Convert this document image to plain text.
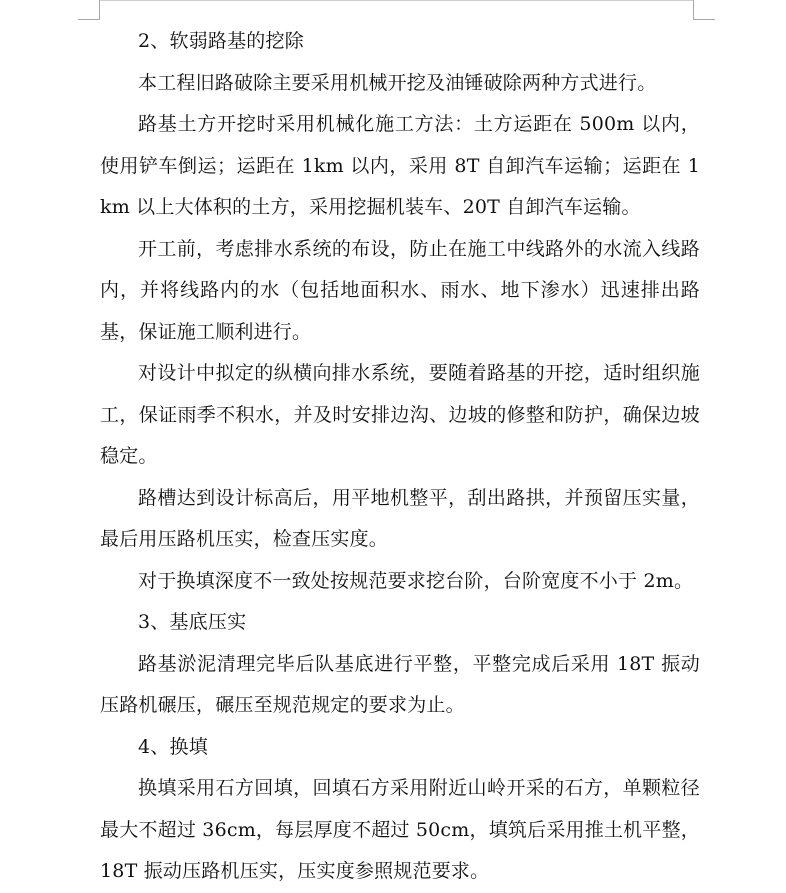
2、软弱路基的挖除

本工程旧路破除主要采用机械开挖及油锤破除两种方式进行。

路基土方开挖时采用机械化施工方法：土方运距在 500m 以内，使用铲车倒运；运距在 1km 以内，采用 8T 自卸汽车运输；运距在 1km 以上大体积的土方，采用挖掘机装车、20T 自卸汽车运输。

开工前，考虑排水系统的布设，防止在施工中线路外的水流入线路内，并将线路内的水（包括地面积水、雨水、地下渗水）迅速排出路基，保证施工顺利进行。

对设计中拟定的纵横向排水系统，要随着路基的开挖，适时组织施工，保证雨季不积水，并及时安排边沟、边坡的修整和防护，确保边坡稳定。

路槽达到设计标高后，用平地机整平，刮出路拱，并预留压实量，最后用压路机压实，检查压实度。

对于换填深度不一致处按规范要求挖台阶，台阶宽度不小于 2m。

3、基底压实

路基淤泥清理完毕后队基底进行平整，平整完成后采用 18T 振动压路机碾压，碾压至规范规定的要求为止。

4、换填

换填采用石方回填，回填石方采用附近山岭开采的石方，单颗粒径最大不超过 36cm，每层厚度不超过 50cm，填筑后采用推土机平整，18T 振动压路机压实，压实度参照规范要求。
